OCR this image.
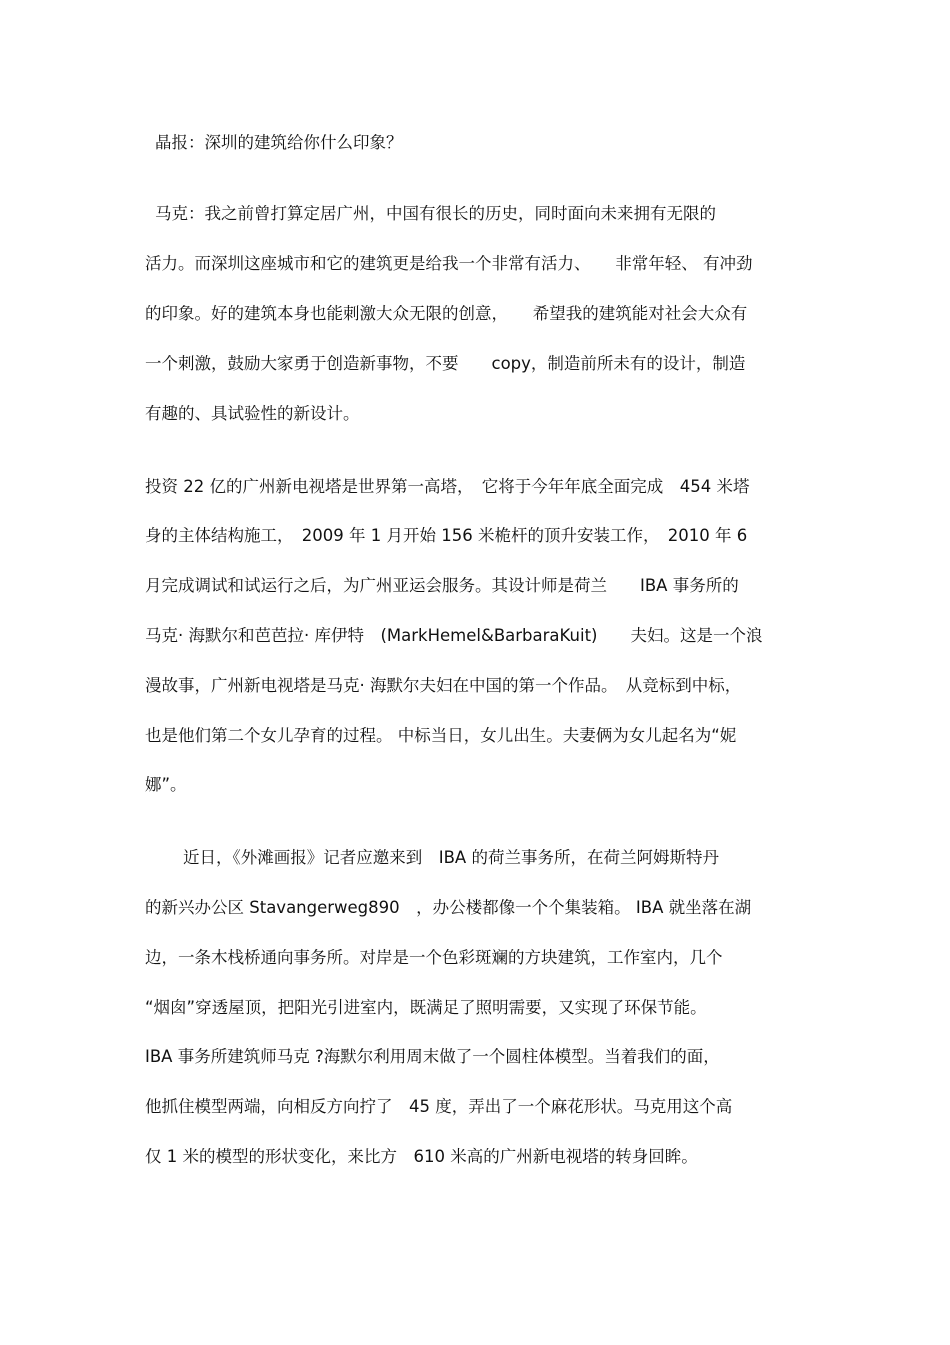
晶报：深圳的建筑给你什么印象？
马克：我之前曾打算定居广州，中国有很长的历史，同时面向未来拥有无限的
活力。而深圳这座城市和它的建筑更是给我一个非常有活力、　　非常年轻、 有冲劲
的印象。好的建筑本身也能刺激大众无限的创意，　　希望我的建筑能对社会大众有
一个刺激，鼓励大家勇于创造新事物，不要　　copy，制造前所未有的设计，制造
有趣的、具试验性的新设计。
投资 22 亿的广州新电视塔是世界第一高塔，　它将于今年年底全面完成　454 米塔
身的主体结构施工，　2009 年 1 月开始 156 米桅杆的顶升安装工作，　2010 年 6
月完成调试和试运行之后，为广州亚运会服务。其设计师是荷兰　　IBA 事务所的
马克· 海默尔和芭芭拉· 库伊特　(MarkHemel&BarbaraKuit)　　夫妇。这是一个浪
漫故事，广州新电视塔是马克· 海默尔夫妇在中国的第一个作品。　从竞标到中标，
也是他们第二个女儿孕育的过程。 中标当日，女儿出生。夫妻俩为女儿起名为“妮
娜”。
近日，《外滩画报》记者应邀来到　IBA 的荷兰事务所，在荷兰阿姆斯特丹
的新兴办公区 Stavangerweg890　，办公楼都像一个个集装箱。 IBA 就坐落在湖
边，一条木栈桥通向事务所。对岸是一个色彩斑斓的方块建筑，工作室内，几个
“烟囱”穿透屋顶，把阳光引进室内，既满足了照明需要，又实现了环保节能。
IBA 事务所建筑师马克 ?海默尔利用周末做了一个圆柱体模型。当着我们的面，
他抓住模型两端，向相反方向拧了　45 度，弄出了一个麻花形状。马克用这个高
仅 1 米的模型的形状变化，来比方　610 米高的广州新电视塔的转身回眸。
